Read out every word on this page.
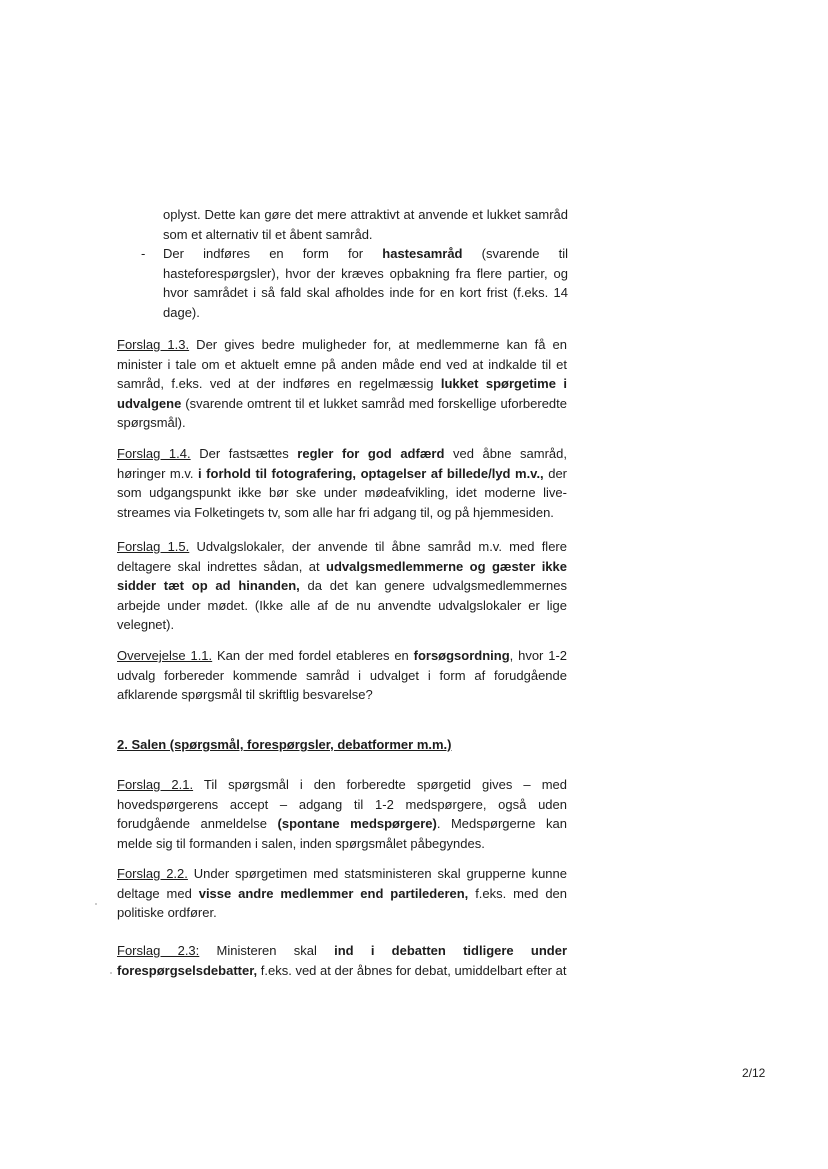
oplyst. Dette kan gøre det mere attraktivt at anvende et lukket samråd som et alternativ til et åbent samråd.
- Der indføres en form for hastesamråd (svarende til hasteforespørgsler), hvor der kræves opbakning fra flere partier, og hvor samrådet i så fald skal afholdes inde for en kort frist (f.eks. 14 dage).
Forslag 1.3. Der gives bedre muligheder for, at medlemmerne kan få en minister i tale om et aktuelt emne på anden måde end ved at indkalde til et samråd, f.eks. ved at der indføres en regelmæssig lukket spørgetime i udvalgene (svarende omtrent til et lukket samråd med forskellige uforberedte spørgsmål).
Forslag 1.4. Der fastsættes regler for god adfærd ved åbne samråd, høringer m.v. i forhold til fotografering, optagelser af billede/lyd m.v., der som udgangspunkt ikke bør ske under mødeafvikling, idet moderne live-streames via Folketingets tv, som alle har fri adgang til, og på hjemmesiden.
Forslag 1.5. Udvalgslokaler, der anvende til åbne samråd m.v. med flere deltagere skal indrettes sådan, at udvalgsmedlemmerne og gæster ikke sidder tæt op ad hinanden, da det kan genere udvalgsmedlemmernes arbejde under mødet. (Ikke alle af de nu anvendte udvalgslokaler er lige velegnet).
Overvejelse 1.1. Kan der med fordel etableres en forsøgsordning, hvor 1-2 udvalg forbereder kommende samråd i udvalget i form af forudgående afklarende spørgsmål til skriftlig besvarelse?
2. Salen (spørgsmål, forespørgsler, debatformer m.m.)
Forslag 2.1. Til spørgsmål i den forberedte spørgetid gives – med hovedspørgerens accept – adgang til 1-2 medspørgere, også uden forudgående anmeldelse (spontane medspørgere). Medspørgerne kan melde sig til formanden i salen, inden spørgsmålet påbegyndes.
Forslag 2.2. Under spørgetimen med statsministeren skal grupperne kunne deltage med visse andre medlemmer end partilederen, f.eks. med den politiske ordfører.
Forslag 2.3: Ministeren skal ind i debatten tidligere under forespørgselsdebatter, f.eks. ved at der åbnes for debat, umiddelbart efter at
2/12
